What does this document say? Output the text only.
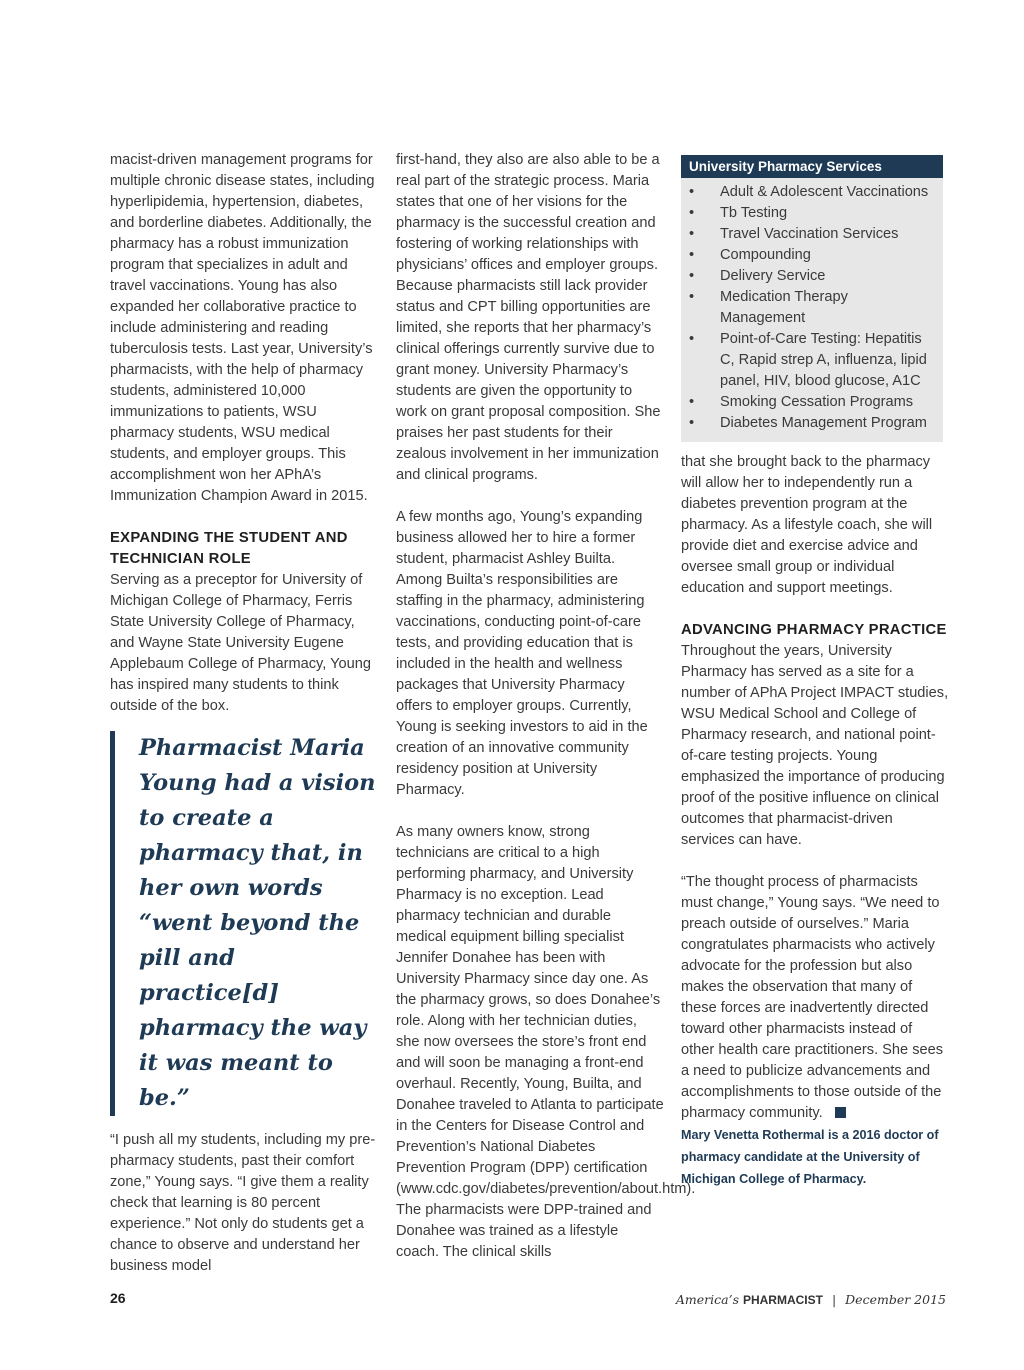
macist-driven management programs for multiple chronic disease states, including hyperlipidemia, hypertension, diabetes, and borderline diabetes. Additionally, the pharmacy has a robust immunization program that specializes in adult and travel vaccinations. Young has also expanded her collaborative practice to include administering and reading tuberculosis tests. Last year, University’s pharmacists, with the help of pharmacy students, administered 10,000 immunizations to patients, WSU pharmacy students, WSU medical students, and employer groups. This accomplishment won her APhA’s Immunization Champion Award in 2015.

EXPANDING THE STUDENT AND TECHNICIAN ROLE

Serving as a preceptor for University of Michigan College of Pharmacy, Ferris State University College of Pharmacy, and Wayne State University Eugene Applebaum College of Pharmacy, Young has inspired many students to think outside of the box.

Pharmacist Maria Young had a vision to create a pharmacy that, in her own words “went beyond the pill and practice[d] pharmacy the way it was meant to be.”

“I push all my students, including my pre-pharmacy students, past their comfort zone,” Young says. “I give them a reality check that learning is 80 percent experience.” Not only do students get a chance to observe and understand her business model

first-hand, they also are also able to be a real part of the strategic process. Maria states that one of her visions for the pharmacy is the successful creation and fostering of working relationships with physicians’ offices and employer groups. Because pharmacists still lack provider status and CPT billing opportunities are limited, she reports that her pharmacy’s clinical offerings currently survive due to grant money. University Pharmacy’s students are given the opportunity to work on grant proposal composition. She praises her past students for their zealous involvement in her immunization and clinical programs.

A few months ago, Young’s expanding business allowed her to hire a former student, pharmacist Ashley Builta. Among Builta’s responsibilities are staffing in the pharmacy, administering vaccinations, conducting point-of-care tests, and providing education that is included in the health and wellness packages that University Pharmacy offers to employer groups. Currently, Young is seeking investors to aid in the creation of an innovative community residency position at University Pharmacy.

As many owners know, strong technicians are critical to a high performing pharmacy, and University Pharmacy is no exception. Lead pharmacy technician and durable medical equipment billing specialist Jennifer Donahee has been with University Pharmacy since day one. As the pharmacy grows, so does Donahee’s role. Along with her technician duties, she now oversees the store’s front end and will soon be managing a front-end overhaul. Recently, Young, Builta, and Donahee traveled to Atlanta to participate in the Centers for Disease Control and Prevention’s National Diabetes Prevention Program (DPP) certification (www.cdc.gov/diabetes/prevention/about.htm). The pharmacists were DPP-trained and Donahee was trained as a lifestyle coach. The clinical skills

University Pharmacy Services
• Adult & Adolescent Vaccinations
• Tb Testing
• Travel Vaccination Services
• Compounding
• Delivery Service
• Medication Therapy Management
• Point-of-Care Testing: Hepatitis C, Rapid strep A, influenza, lipid panel, HIV, blood glucose, A1C
• Smoking Cessation Programs
• Diabetes Management Program

that she brought back to the pharmacy will allow her to independently run a diabetes prevention program at the pharmacy. As a lifestyle coach, she will provide diet and exercise advice and oversee small group or individual education and support meetings.

ADVANCING PHARMACY PRACTICE

Throughout the years, University Pharmacy has served as a site for a number of APhA Project IMPACT studies, WSU Medical School and College of Pharmacy research, and national point-of-care testing projects. Young emphasized the importance of producing proof of the positive influence on clinical outcomes that pharmacist-driven services can have.

“The thought process of pharmacists must change,” Young says. “We need to preach outside of ourselves.” Maria congratulates pharmacists who actively advocate for the profession but also makes the observation that many of these forces are inadvertently directed toward other pharmacists instead of other health care practitioners. She sees a need to publicize advancements and accomplishments to those outside of the pharmacy community.

Mary Venetta Rothermal is a 2016 doctor of pharmacy candidate at the University of Michigan College of Pharmacy.

26	America’s PHARMACIST | December 2015
